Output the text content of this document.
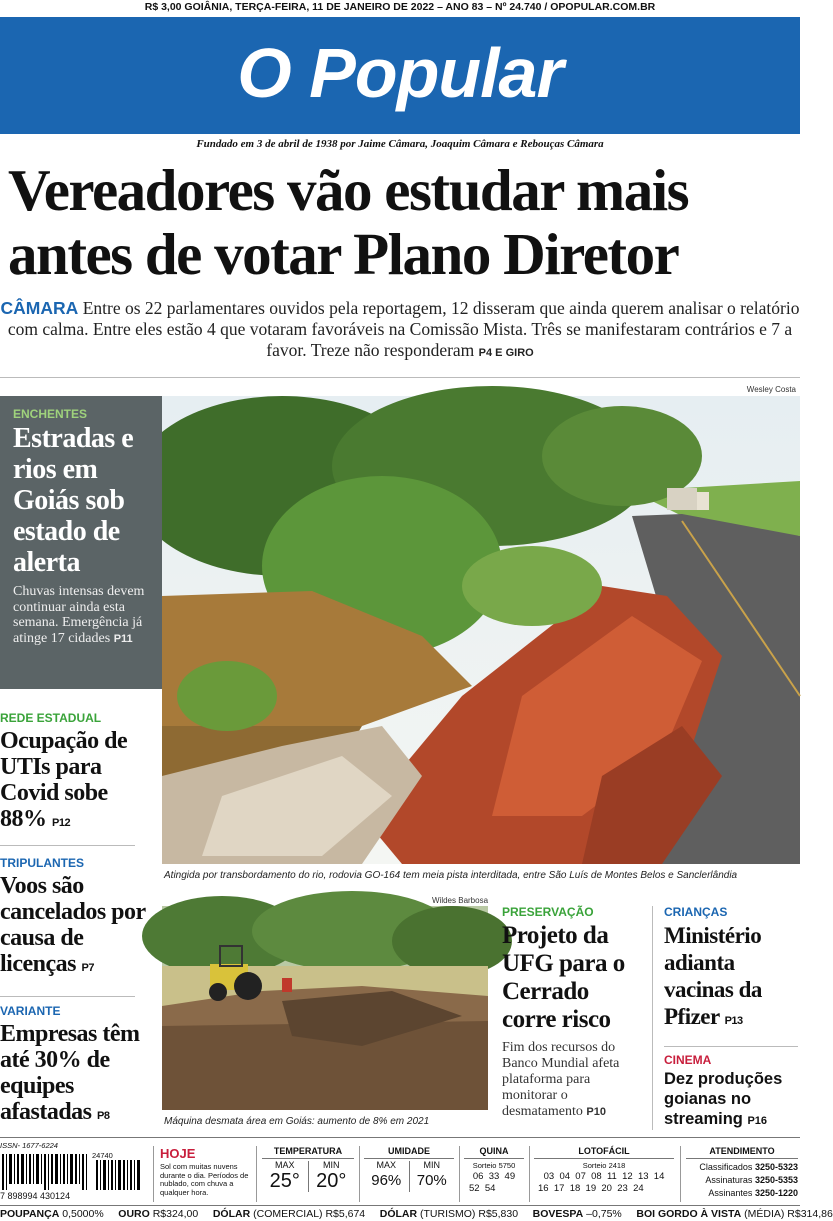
R$ 3,00 GOIÂNIA, TERÇA-FEIRA, 11 DE JANEIRO DE 2022 – ANO 83 – Nº 24.740 / OPOPULAR.COM.BR
O Popular
Fundado em 3 de abril de 1938 por Jaime Câmara, Joaquim Câmara e Rebouças Câmara
Vereadores vão estudar mais
antes de votar Plano Diretor
CÂMARA Entre os 22 parlamentares ouvidos pela reportagem, 12 disseram que ainda querem analisar o relatório com calma. Entre eles estão 4 que votaram favoráveis na Comissão Mista. Três se manifestaram contrários e 7 a favor. Treze não responderam P4 E GIRO
Wesley Costa
Atingida por transbordamento do rio, rodovia GO-164 tem meia pista interditada, entre São Luís de Montes Belos e Sanclerlândia
ENCHENTES
Estradas e rios em Goiás sob estado de alerta
Chuvas intensas devem continuar ainda esta semana. Emergência já atinge 17 cidades P11
REDE ESTADUAL
Ocupação de UTIs para Covid sobe 88% P12
TRIPULANTES
Voos são cancelados por causa de licenças P7
VARIANTE
Empresas têm até 30% de equipes afastadas P8
Wildes Barbosa
Máquina desmata área em Goiás: aumento de 8% em 2021
PRESERVAÇÃO
Projeto da UFG para o Cerrado corre risco
Fim dos recursos do Banco Mundial afeta plataforma para monitorar o desmatamento P10
CRIANÇAS
Ministério adianta vacinas da Pfizer P13
CINEMA
Dez produções goianas no streaming P16
ISSN- 1677-6224
24740
7 898994 430124
HOJE
Sol com muitas nuvens durante o dia. Períodos de nublado, com chuva a qualquer hora.
TEMPERATURA
MAX
25°
MIN
20°
UMIDADE
MAX
96%
MIN
70%
QUINA
Sorteio 5750
06  33  49
52  54
LOTOFÁCIL
Sorteio 2418
03  04  07  08  11  12  13  14
16  17  18  19  20  23  24
ATENDIMENTO
Classificados 3250-5323
Assinaturas 3250-5353
Assinantes 3250-1220
POUPANÇA 0,5000% OURO R$324,00 DÓLAR (COMERCIAL) R$5,674 DÓLAR (TURISMO) R$5,830 BOVESPA –0,75% BOI GORDO À VISTA (MÉDIA) R$314,86
